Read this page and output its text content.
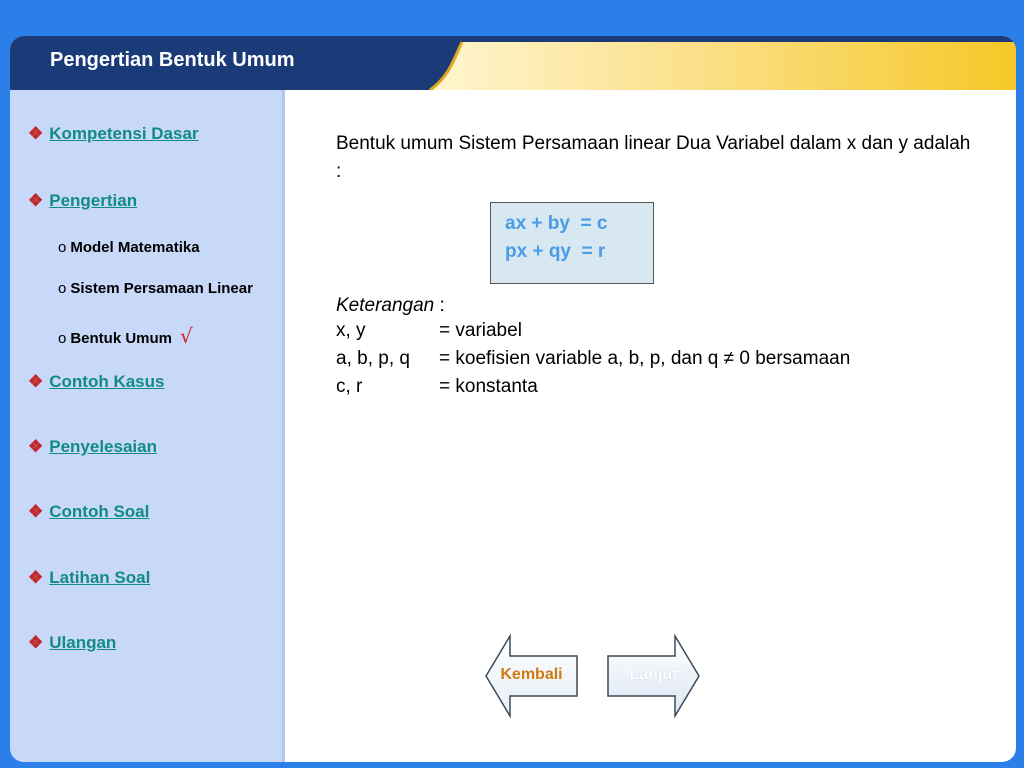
Pengertian Bentuk Umum
❖ Kompetensi Dasar
❖ Pengertian
o Model Matematika
o Sistem Persamaan Linear
o Bentuk Umum √
❖ Contoh Kasus
❖ Penyelesaian
❖ Contoh Soal
❖ Latihan Soal
❖ Ulangan
Bentuk umum Sistem Persamaan linear Dua Variabel dalam x dan y adalah :
ax + by  = c
px + qy  = r
Keterangan :
x, y	= variabel
a, b, p, q = koefisien variable a, b, p, dan q ≠ 0 bersamaan
c, r	= konstanta
Kembali	Lanjut
